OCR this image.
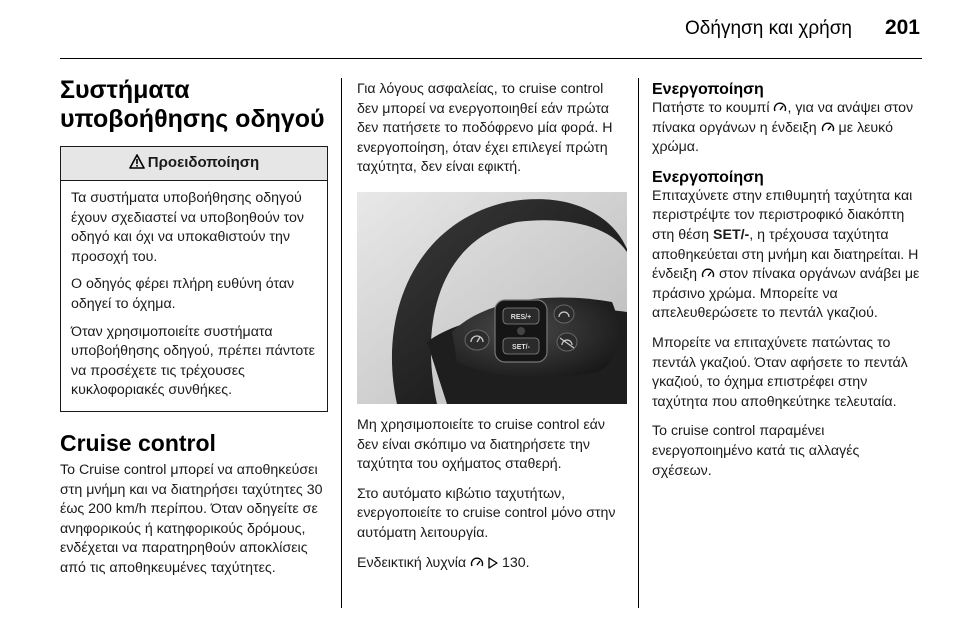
Οδήγηση και χρήση 201
Συστήματα
υποβοήθησης οδηγού
Προειδοποίηση

Τα συστήματα υποβοήθησης οδηγού έχουν σχεδιαστεί να υποβοηθούν τον οδηγό και όχι να υποκαθιστούν την προσοχή του.

Ο οδηγός φέρει πλήρη ευθύνη όταν οδηγεί το όχημα.

Όταν χρησιμοποιείτε συστήματα υποβοήθησης οδηγού, πρέπει πάντοτε να προσέχετε τις τρέχουσες κυκλοφοριακές συνθήκες.

Cruise control

Το Cruise control μπορεί να αποθηκεύσει στη μνήμη και να διατηρήσει ταχύτητες 30 έως 200 km/h περίπου. Όταν οδηγείτε σε ανηφορικούς ή κατηφορικούς δρόμους, ενδέχεται να παρατηρηθούν αποκλίσεις από τις αποθηκευμένες ταχύτητες.

Για λόγους ασφαλείας, το cruise control δεν μπορεί να ενεργοποιηθεί εάν πρώτα δεν πατήσετε το ποδόφρενο μία φορά. Η ενεργοποίηση, όταν έχει επιλεγεί πρώτη ταχύτητα, δεν είναι εφικτή.

RES/+
SET/-

Μη χρησιμοποιείτε το cruise control εάν δεν είναι σκόπιμο να διατηρήσετε την ταχύτητα του οχήματος σταθερή.

Στο αυτόματο κιβώτιο ταχυτήτων, ενεργοποιείτε το cruise control μόνο στην αυτόματη λειτουργία.

Ενδεικτική λυχνία	130.

Ενεργοποίηση

Πατήστε το κουμπί , για να ανάψει στον πίνακα οργάνων η ένδειξη με λευκό χρώμα.

Ενεργοποίηση

Επιταχύνετε στην επιθυμητή ταχύτητα και περιστρέψτε τον περιστροφικό διακόπτη στη θέση SET/-, η τρέχουσα ταχύτητα αποθηκεύεται στη μνήμη και διατηρείται. Η ένδειξη στον πίνακα οργάνων ανάβει με πράσινο χρώμα. Μπορείτε να απελευθερώσετε το πεντάλ γκαζιού.

Μπορείτε να επιταχύνετε πατώντας το πεντάλ γκαζιού. Όταν αφήσετε το πεντάλ γκαζιού, το όχημα επιστρέφει στην ταχύτητα που αποθηκεύτηκε τελευταία.

Το cruise control παραμένει ενεργοποιημένο κατά τις αλλαγές σχέσεων.
